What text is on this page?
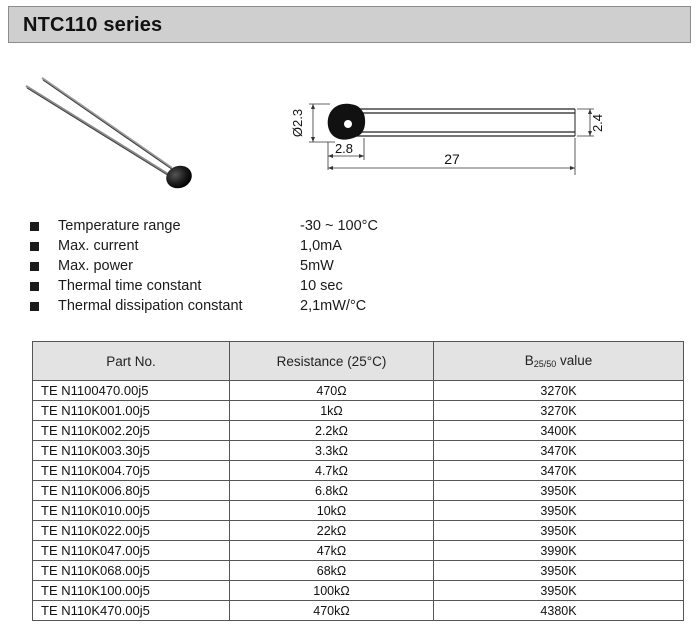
NTC110 series
Ø2.3	2.4
2.8
27
Temperature range	-30 ~ 100°C
Max. current	1,0mA
Max. power	5mW
Thermal time constant	10 sec
Thermal dissipation constant	2,1mW/°C
Part No.	Resistance (25°C)	$B_{25/50}$ value
TE N1100470.00j5	470Ω	3270K
TE N110K001.00j5	1kΩ	3270K
TE N110K002.20j5	2.2kΩ	3400K
TE N110K003.30j5	3.3kΩ	3470K
TE N110K004.70j5	4.7kΩ	3470K
TE N110K006.80j5	6.8kΩ	3950K
TE N110K010.00j5	10kΩ	3950K
TE N110K022.00j5	22kΩ	3950K
TE N110K047.00j5	47kΩ	3990K
TE N110K068.00j5	68kΩ	3950K
TE N110K100.00j5	100kΩ	3950K
TE N110K470.00j5	470kΩ	4380K
